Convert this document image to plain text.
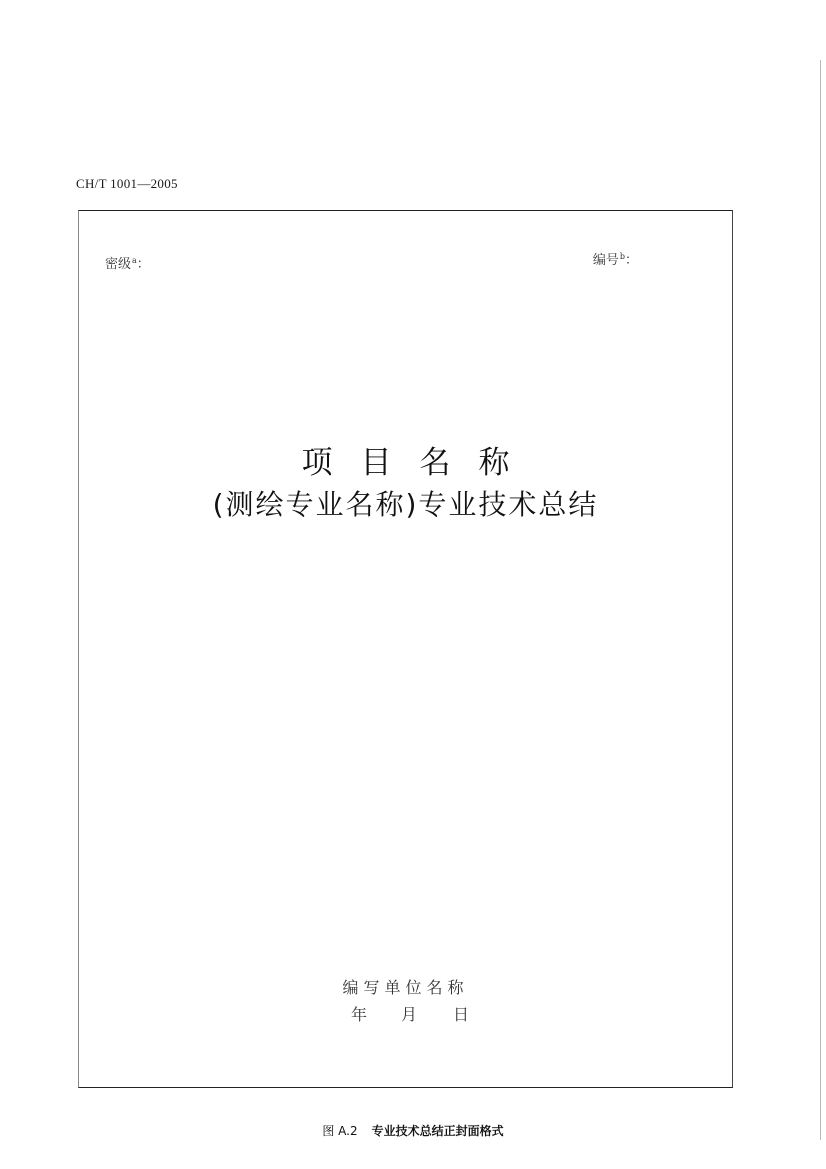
CH/T 1001—2005
密级$^a$：	编号$^b$：
项目名称
(测绘专业名称)专业技术总结
编写单位名称
年 月 日
图 A.2 专业技术总结正封面格式
